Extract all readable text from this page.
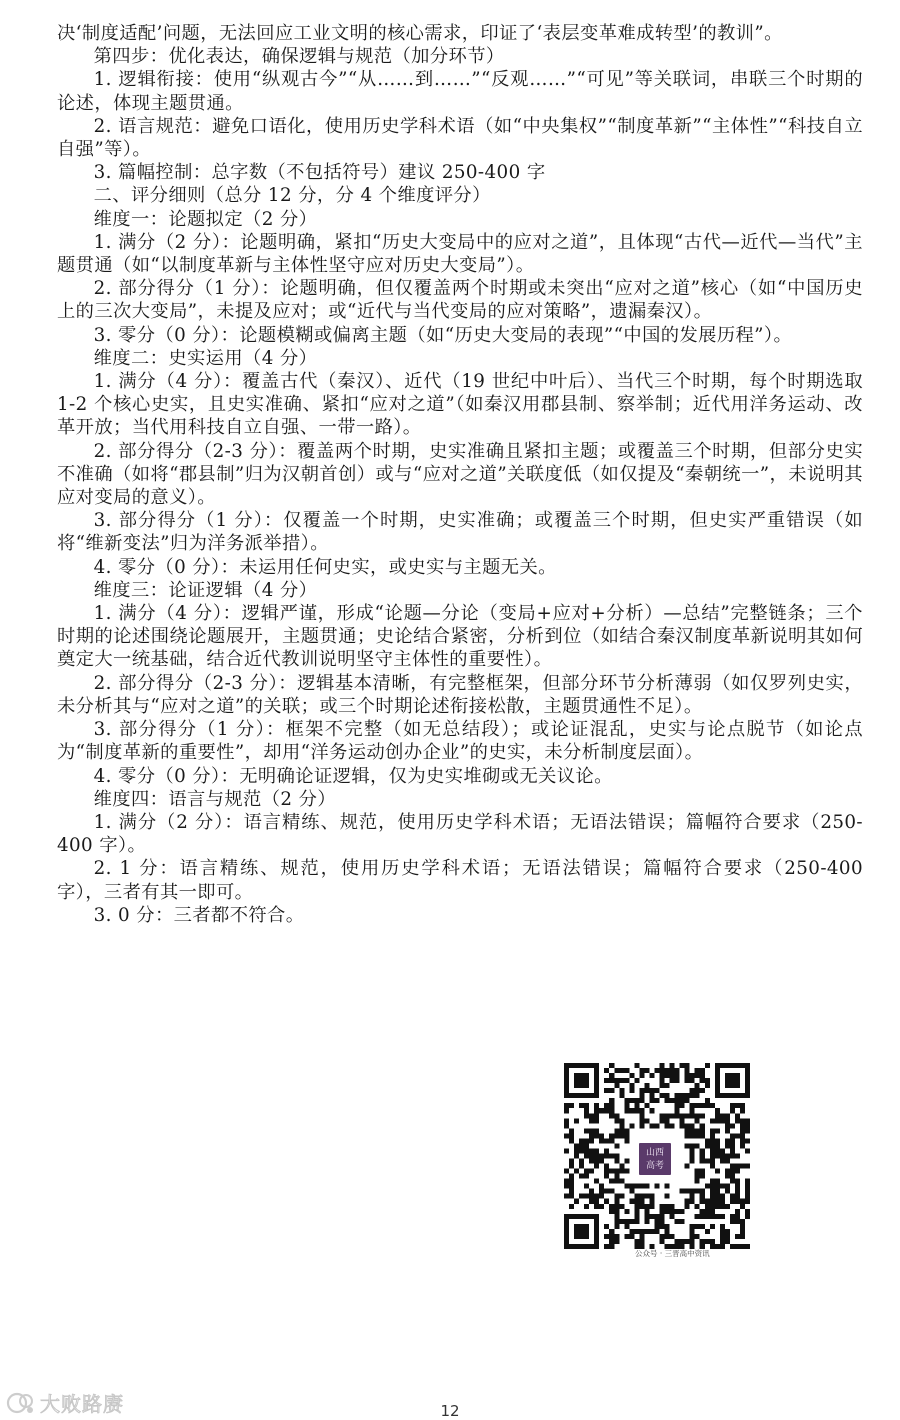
决‘制度适配’问题，无法回应工业文明的核心需求，印证了‘表层变革难成转型’的教训”。

第四步：优化表达，确保逻辑与规范（加分环节）

1. 逻辑衔接：使用“纵观古今”“从……到……”“反观……”“可见”等关联词，串联三个时期的论述，体现主题贯通。

2. 语言规范：避免口语化，使用历史学科术语（如“中央集权”“制度革新”“主体性”“科技自立自强”等）。

3. 篇幅控制：总字数（不包括符号）建议 250-400 字

二、评分细则（总分 12 分，分 4 个维度评分）

维度一：论题拟定（2 分）

1. 满分（2 分）：论题明确，紧扣“历史大变局中的应对之道”，且体现“古代—近代—当代”主题贯通（如“以制度革新与主体性坚守应对历史大变局”）。

2. 部分得分（1 分）：论题明确，但仅覆盖两个时期或未突出“应对之道”核心（如“中国历史上的三次大变局”，未提及应对；或“近代与当代变局的应对策略”，遗漏秦汉）。

3. 零分（0 分）：论题模糊或偏离主题（如“历史大变局的表现”“中国的发展历程”）。

维度二：史实运用（4 分）

1. 满分（4 分）：覆盖古代（秦汉）、近代（19 世纪中叶后）、当代三个时期，每个时期选取 1-2 个核心史实，且史实准确、紧扣“应对之道”（如秦汉用郡县制、察举制；近代用洋务运动、改革开放；当代用科技自立自强、一带一路）。

2. 部分得分（2-3 分）：覆盖两个时期，史实准确且紧扣主题；或覆盖三个时期，但部分史实不准确（如将“郡县制”归为汉朝首创）或与“应对之道”关联度低（如仅提及“秦朝统一”，未说明其应对变局的意义）。

3. 部分得分（1 分）：仅覆盖一个时期，史实准确；或覆盖三个时期，但史实严重错误（如将“维新变法”归为洋务派举措）。

4. 零分（0 分）：未运用任何史实，或史实与主题无关。

维度三：论证逻辑（4 分）

1. 满分（4 分）：逻辑严谨，形成“论题—分论（变局+应对+分析）—总结”完整链条；三个时期的论述围绕论题展开，主题贯通；史论结合紧密，分析到位（如结合秦汉制度革新说明其如何奠定大一统基础，结合近代教训说明坚守主体性的重要性）。

2. 部分得分（2-3 分）：逻辑基本清晰，有完整框架，但部分环节分析薄弱（如仅罗列史实，未分析其与“应对之道”的关联；或三个时期论述衔接松散，主题贯通性不足）。

3. 部分得分（1 分）：框架不完整（如无总结段）；或论证混乱，史实与论点脱节（如论点为“制度革新的重要性”，却用“洋务运动创办企业”的史实，未分析制度层面）。

4. 零分（0 分）：无明确论证逻辑，仅为史实堆砌或无关议论。

维度四：语言与规范（2 分）

1. 满分（2 分）：语言精练、规范，使用历史学科术语；无语法错误；篇幅符合要求（250-400 字）。

2. 1 分：语言精练、规范，使用历史学科术语；无语法错误；篇幅符合要求（250-400 字），三者有其一即可。

3. 0 分：三者都不符合。

山西
高考
公众号 · 三晋高中资讯
大败路赓	12
